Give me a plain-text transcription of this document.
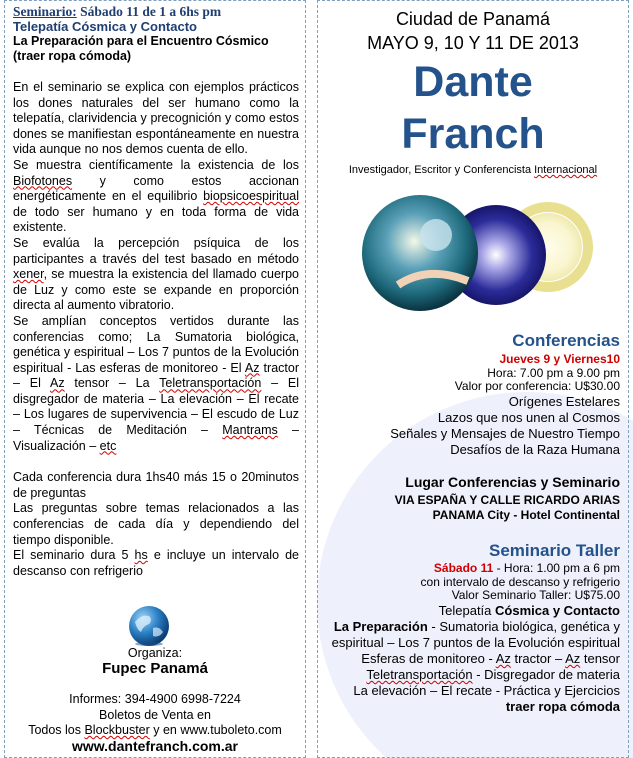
Seminario: Sábado 11 de 1 a 6hs pm
Telepatía Cósmica y Contacto
La Preparación para el Encuentro Cósmico
(traer ropa cómoda)

En el seminario se explica con ejemplos prácticos los dones naturales del ser humano como la telepatía, clarividencia y precognición y como estos dones se manifiestan espontáneamente en nuestra vida aunque no nos demos cuenta de ello.

Se muestra científicamente la existencia de los Biofotones y como estos accionan energéticamente en el equilibrio biopsicoespiritual de todo ser humano y en toda forma de vida existente.

Se evalúa la percepción psíquica de los participantes a través del test basado en método xener, se muestra la existencia del llamado cuerpo de Luz y como este se expande en proporción directa al aumento vibratorio.

Se amplían conceptos vertidos durante las conferencias como; La Sumatoria biológica, genética y espiritual – Los 7 puntos de la Evolución espiritual - Las esferas de monitoreo - El Az tractor – El Az tensor – La Teletransportación – El disgregador de materia – La elevación – El recate – Los lugares de supervivencia – El escudo de Luz – Técnicas de Meditación – Mantrams – Visualización – etc

Cada conferencia dura 1hs40 más 15 o 20minutos de preguntas

Las preguntas sobre temas relacionados a las conferencias de cada día y dependiendo del tiempo disponible.

El seminario dura 5 hs e incluye un intervalo de descanso con refrigerio

Organiza:
Fupec Panamá
Informes: 394-4900 6998-7224
Boletos de Venta en
Todos los Blockbuster y en www.tuboleto.com
www.dantefranch.com.ar
Ciudad de Panamá
MAYO 9, 10 Y 11 DE 2013
Dante
Franch
Investigador, Escritor y Conferencista Internacional
Conferencias
Jueves 9 y Viernes10
Hora: 7.00 pm a 9.00 pm
Valor por conferencia: U$30.00
Orígenes Estelares
Lazos que nos unen al Cosmos
Señales y Mensajes de Nuestro Tiempo
Desafíos de la Raza Humana
Lugar Conferencias y Seminario
VIA ESPAÑA Y CALLE RICARDO ARIAS
PANAMA City - Hotel Continental
Seminario Taller
Sábado 11 - Hora: 1.00 pm a 6 pm
con intervalo de descanso y refrigerio
Valor Seminario Taller: U$75.00
Telepatía Cósmica y Contacto
La Preparación - Sumatoria biológica, genética y
espiritual – Los 7 puntos de la Evolución espiritual
Esferas de monitoreo - Az tractor – Az tensor
Teletransportación - Disgregador de materia
La elevación – El recate - Práctica y Ejercicios
traer ropa cómoda
